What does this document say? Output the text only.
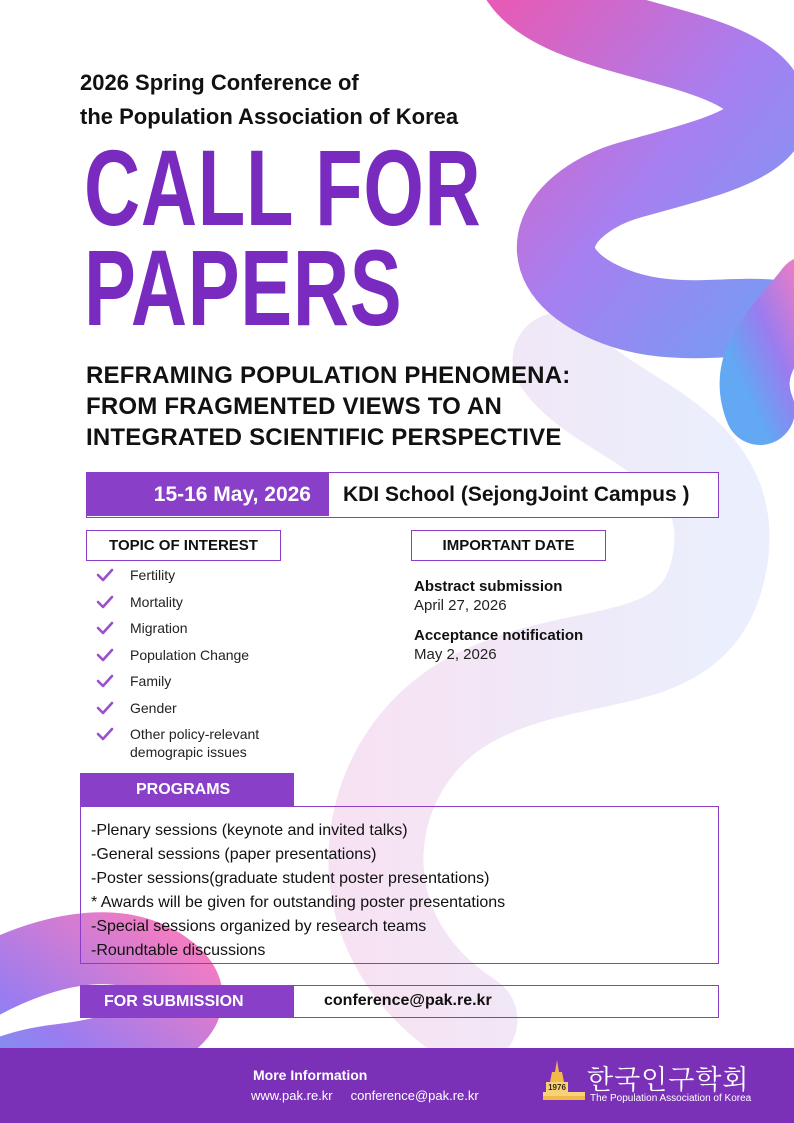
2026 Spring Conference of
the Population Association of Korea
CALL FOR
PAPERS
REFRAMING POPULATION PHENOMENA:
FROM FRAGMENTED VIEWS TO AN
INTEGRATED SCIENTIFIC PERSPECTIVE
15-16 May, 2026	KDI School (SejongJoint Campus )
TOPIC OF INTEREST	IMPORTANT DATE
Fertility
Mortality
Migration
Population Change
Family
Gender
Other policy-relevant
demograpic issues
Abstract submission
April 27, 2026
Acceptance notification
May 2, 2026
PROGRAMS
-Plenary sessions (keynote and invited talks)
-General sessions (paper presentations)
-Poster sessions(graduate student poster presentations)
* Awards will be given for outstanding poster presentations
-Special sessions organized by research teams
-Roundtable discussions
FOR SUBMISSION	conference@pak.re.kr
More Information
www.pak.re.kr conference@pak.re.kr
1976 한국인구학회
The Population Association of Korea
